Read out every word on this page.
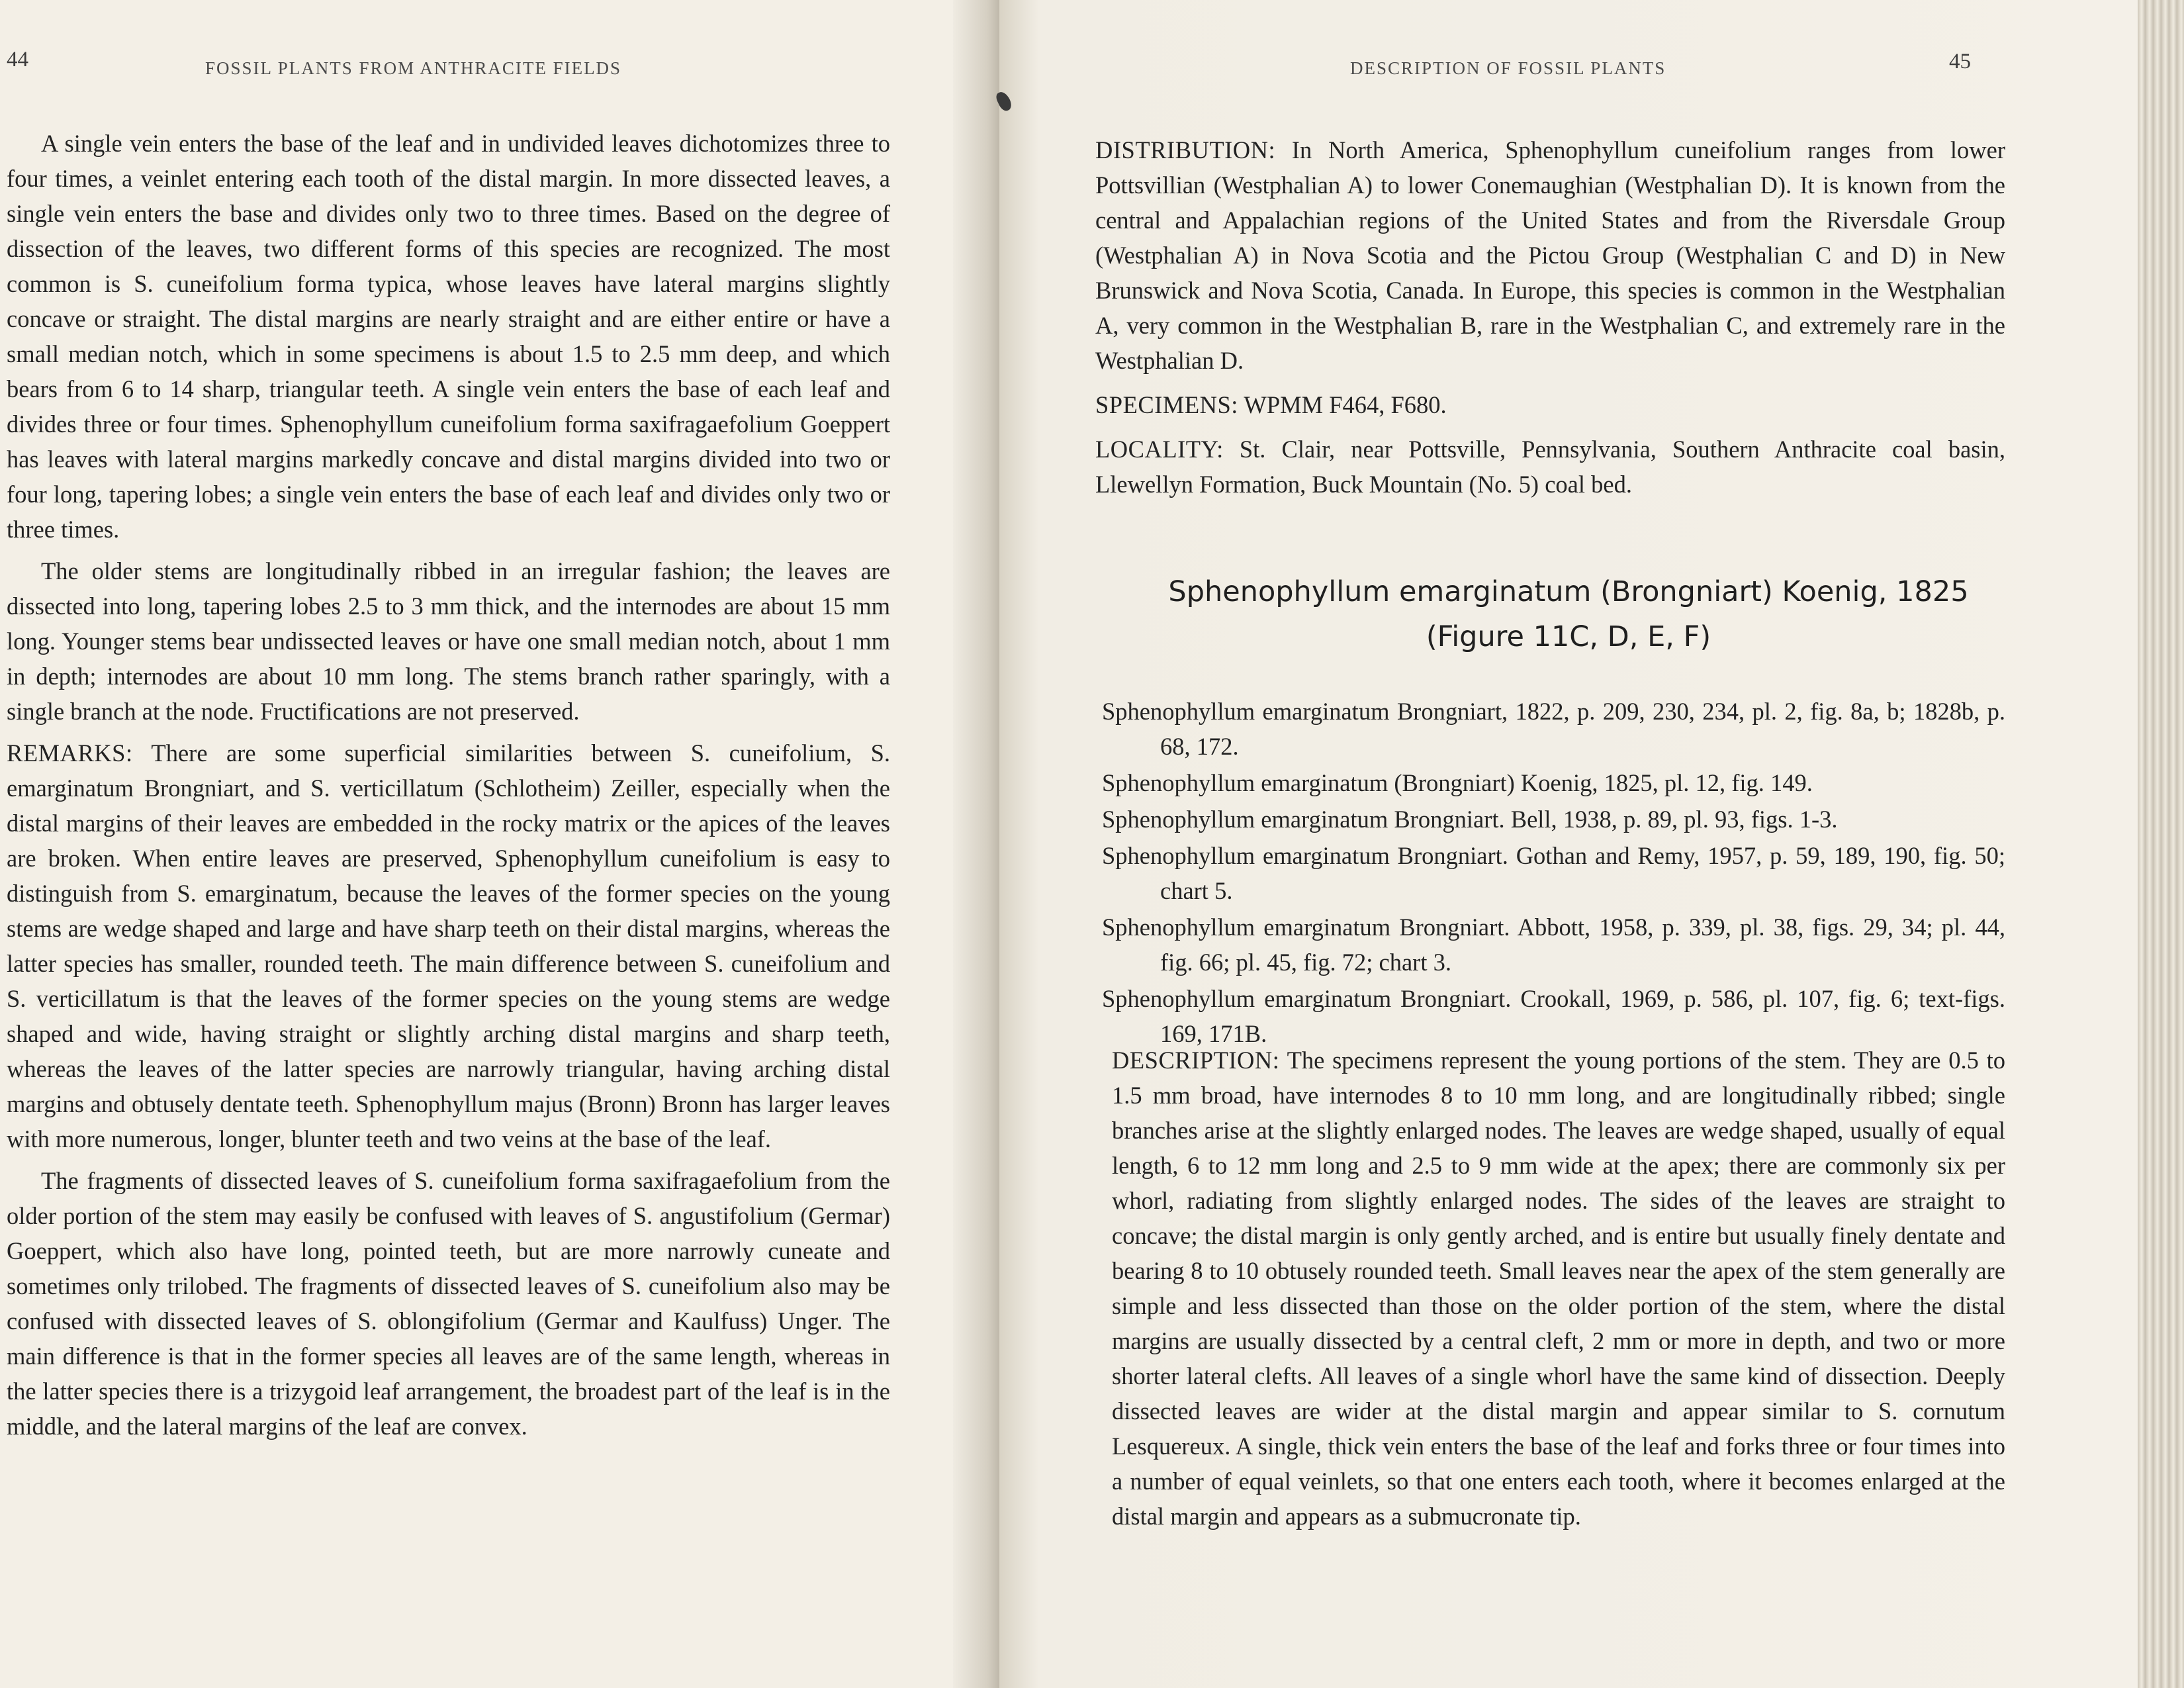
44	FOSSIL PLANTS FROM ANTHRACITE FIELDS

A single vein enters the base of the leaf and in undivided leaves dichotomizes three to four times, a veinlet entering each tooth of the distal margin. In more dissected leaves, a single vein enters the base and divides only two to three times. Based on the degree of dissection of the leaves, two different forms of this species are recognized. The most common is S. cuneifolium forma typica, whose leaves have lateral margins slightly concave or straight. The distal margins are nearly straight and are either entire or have a small median notch, which in some specimens is about 1.5 to 2.5 mm deep, and which bears from 6 to 14 sharp, triangular teeth. A single vein enters the base of each leaf and divides three or four times. Sphenophyllum cuneifolium forma saxifragaefolium Goeppert has leaves with lateral margins markedly concave and distal margins divided into two or four long, tapering lobes; a single vein enters the base of each leaf and divides only two or three times.

The older stems are longitudinally ribbed in an irregular fashion; the leaves are dissected into long, tapering lobes 2.5 to 3 mm thick, and the internodes are about 15 mm long. Younger stems bear undissected leaves or have one small median notch, about 1 mm in depth; internodes are about 10 mm long. The stems branch rather sparingly, with a single branch at the node. Fructifications are not preserved.

REMARKS: There are some superficial similarities between S. cuneifolium, S. emarginatum Brongniart, and S. verticillatum (Schlotheim) Zeiller, especially when the distal margins of their leaves are embedded in the rocky matrix or the apices of the leaves are broken. When entire leaves are preserved, Sphenophyllum cuneifolium is easy to distinguish from S. emarginatum, because the leaves of the former species on the young stems are wedge shaped and large and have sharp teeth on their distal margins, whereas the latter species has smaller, rounded teeth. The main difference between S. cuneifolium and S. verticillatum is that the leaves of the former species on the young stems are wedge shaped and wide, having straight or slightly arching distal margins and sharp teeth, whereas the leaves of the latter species are narrowly triangular, having arching distal margins and obtusely dentate teeth. Sphenophyllum majus (Bronn) Bronn has larger leaves with more numerous, longer, blunter teeth and two veins at the base of the leaf.

The fragments of dissected leaves of S. cuneifolium forma saxifragaefolium from the older portion of the stem may easily be confused with leaves of S. angustifolium (Germar) Goeppert, which also have long, pointed teeth, but are more narrowly cuneate and sometimes only trilobed. The fragments of dissected leaves of S. cuneifolium also may be confused with dissected leaves of S. oblongifolium (Germar and Kaulfuss) Unger. The main difference is that in the former species all leaves are of the same length, whereas in the latter species there is a trizygoid leaf arrangement, the broadest part of the leaf is in the middle, and the lateral margins of the leaf are convex.

DESCRIPTION OF FOSSIL PLANTS	45

DISTRIBUTION: In North America, Sphenophyllum cuneifolium ranges from lower Pottsvillian (Westphalian A) to lower Conemaughian (Westphalian D). It is known from the central and Appalachian regions of the United States and from the Riversdale Group (Westphalian A) in Nova Scotia and the Pictou Group (Westphalian C and D) in New Brunswick and Nova Scotia, Canada. In Europe, this species is common in the Westphalian A, very common in the Westphalian B, rare in the Westphalian C, and extremely rare in the Westphalian D.

SPECIMENS: WPMM F464, F680.

LOCALITY: St. Clair, near Pottsville, Pennsylvania, Southern Anthracite coal basin, Llewellyn Formation, Buck Mountain (No. 5) coal bed.

Sphenophyllum emarginatum (Brongniart) Koenig, 1825
(Figure 11C, D, E, F)

Sphenophyllum emarginatum Brongniart, 1822, p. 209, 230, 234, pl. 2, fig. 8a, b; 1828b, p. 68, 172.

Sphenophyllum emarginatum (Brongniart) Koenig, 1825, pl. 12, fig. 149.

Sphenophyllum emarginatum Brongniart. Bell, 1938, p. 89, pl. 93, figs. 1-3.

Sphenophyllum emarginatum Brongniart. Gothan and Remy, 1957, p. 59, 189, 190, fig. 50; chart 5.

Sphenophyllum emarginatum Brongniart. Abbott, 1958, p. 339, pl. 38, figs. 29, 34; pl. 44, fig. 66; pl. 45, fig. 72; chart 3.

Sphenophyllum emarginatum Brongniart. Crookall, 1969, p. 586, pl. 107, fig. 6; text-figs. 169, 171B.

DESCRIPTION: The specimens represent the young portions of the stem. They are 0.5 to 1.5 mm broad, have internodes 8 to 10 mm long, and are longitudinally ribbed; single branches arise at the slightly enlarged nodes. The leaves are wedge shaped, usually of equal length, 6 to 12 mm long and 2.5 to 9 mm wide at the apex; there are commonly six per whorl, radiating from slightly enlarged nodes. The sides of the leaves are straight to concave; the distal margin is only gently arched, and is entire but usually finely dentate and bearing 8 to 10 obtusely rounded teeth. Small leaves near the apex of the stem generally are simple and less dissected than those on the older portion of the stem, where the distal margins are usually dissected by a central cleft, 2 mm or more in depth, and two or more shorter lateral clefts. All leaves of a single whorl have the same kind of dissection. Deeply dissected leaves are wider at the distal margin and appear similar to S. cornutum Lesquereux. A single, thick vein enters the base of the leaf and forks three or four times into a number of equal veinlets, so that one enters each tooth, where it becomes enlarged at the distal margin and appears as a submucronate tip.
